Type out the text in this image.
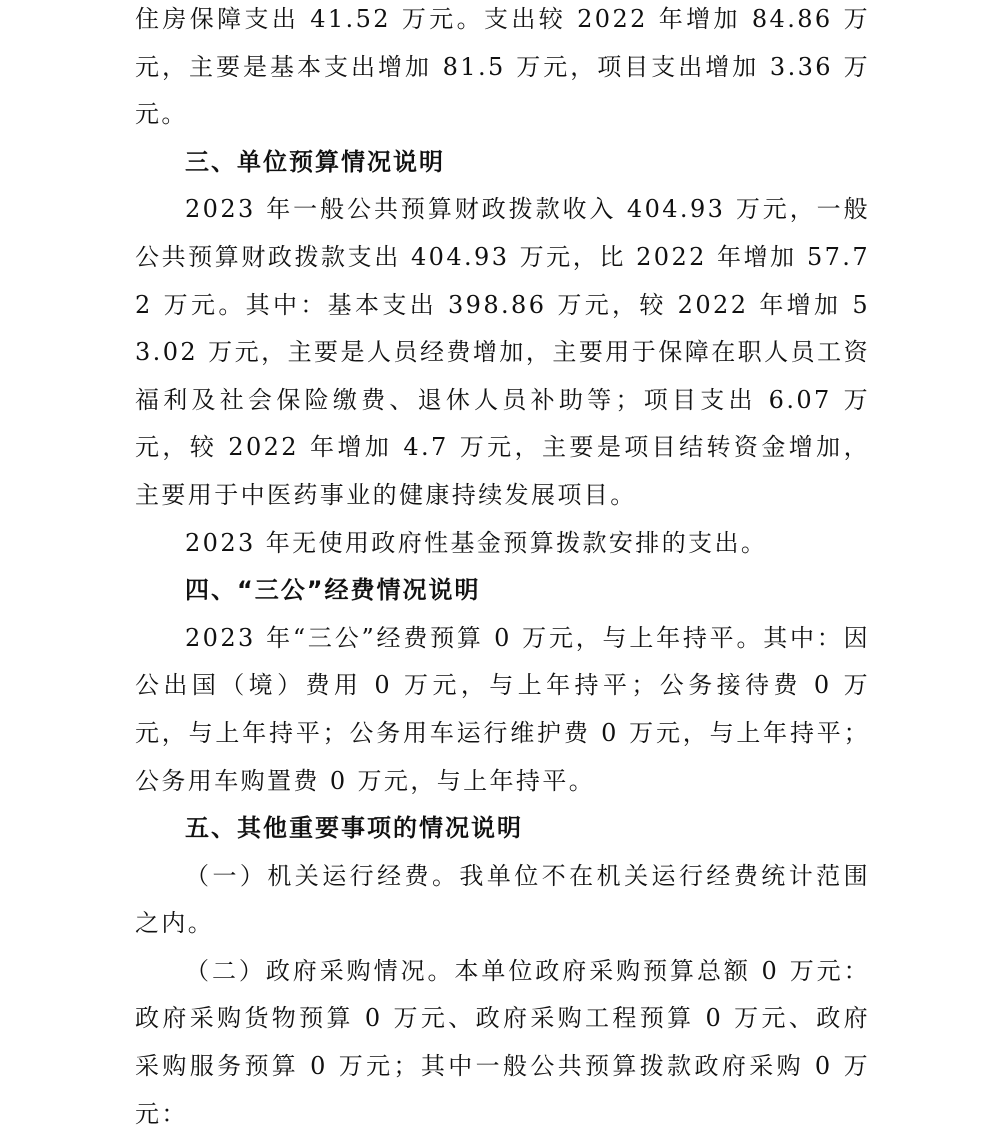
住房保障支出 41.52 万元。支出较 2022 年增加 84.86 万元，主要是基本支出增加 81.5 万元，项目支出增加 3.36 万元。

三、单位预算情况说明

2023 年一般公共预算财政拨款收入 404.93 万元，一般公共预算财政拨款支出 404.93 万元，比 2022 年增加 57.72 万元。其中：基本支出 398.86 万元，较 2022 年增加 53.02 万元，主要是人员经费增加，主要用于保障在职人员工资福利及社会保险缴费、退休人员补助等；项目支出 6.07 万元，较 2022 年增加 4.7 万元，主要是项目结转资金增加，主要用于中医药事业的健康持续发展项目。

2023 年无使用政府性基金预算拨款安排的支出。

四、“三公”经费情况说明

2023 年“三公”经费预算 0 万元，与上年持平。其中：因公出国（境）费用 0 万元，与上年持平；公务接待费 0 万元，与上年持平；公务用车运行维护费 0 万元，与上年持平；公务用车购置费 0 万元，与上年持平。

五、其他重要事项的情况说明

（一）机关运行经费。我单位不在机关运行经费统计范围之内。

（二）政府采购情况。本单位政府采购预算总额 0 万元：政府采购货物预算 0 万元、政府采购工程预算 0 万元、政府采购服务预算 0 万元；其中一般公共预算拨款政府采购 0 万元：
